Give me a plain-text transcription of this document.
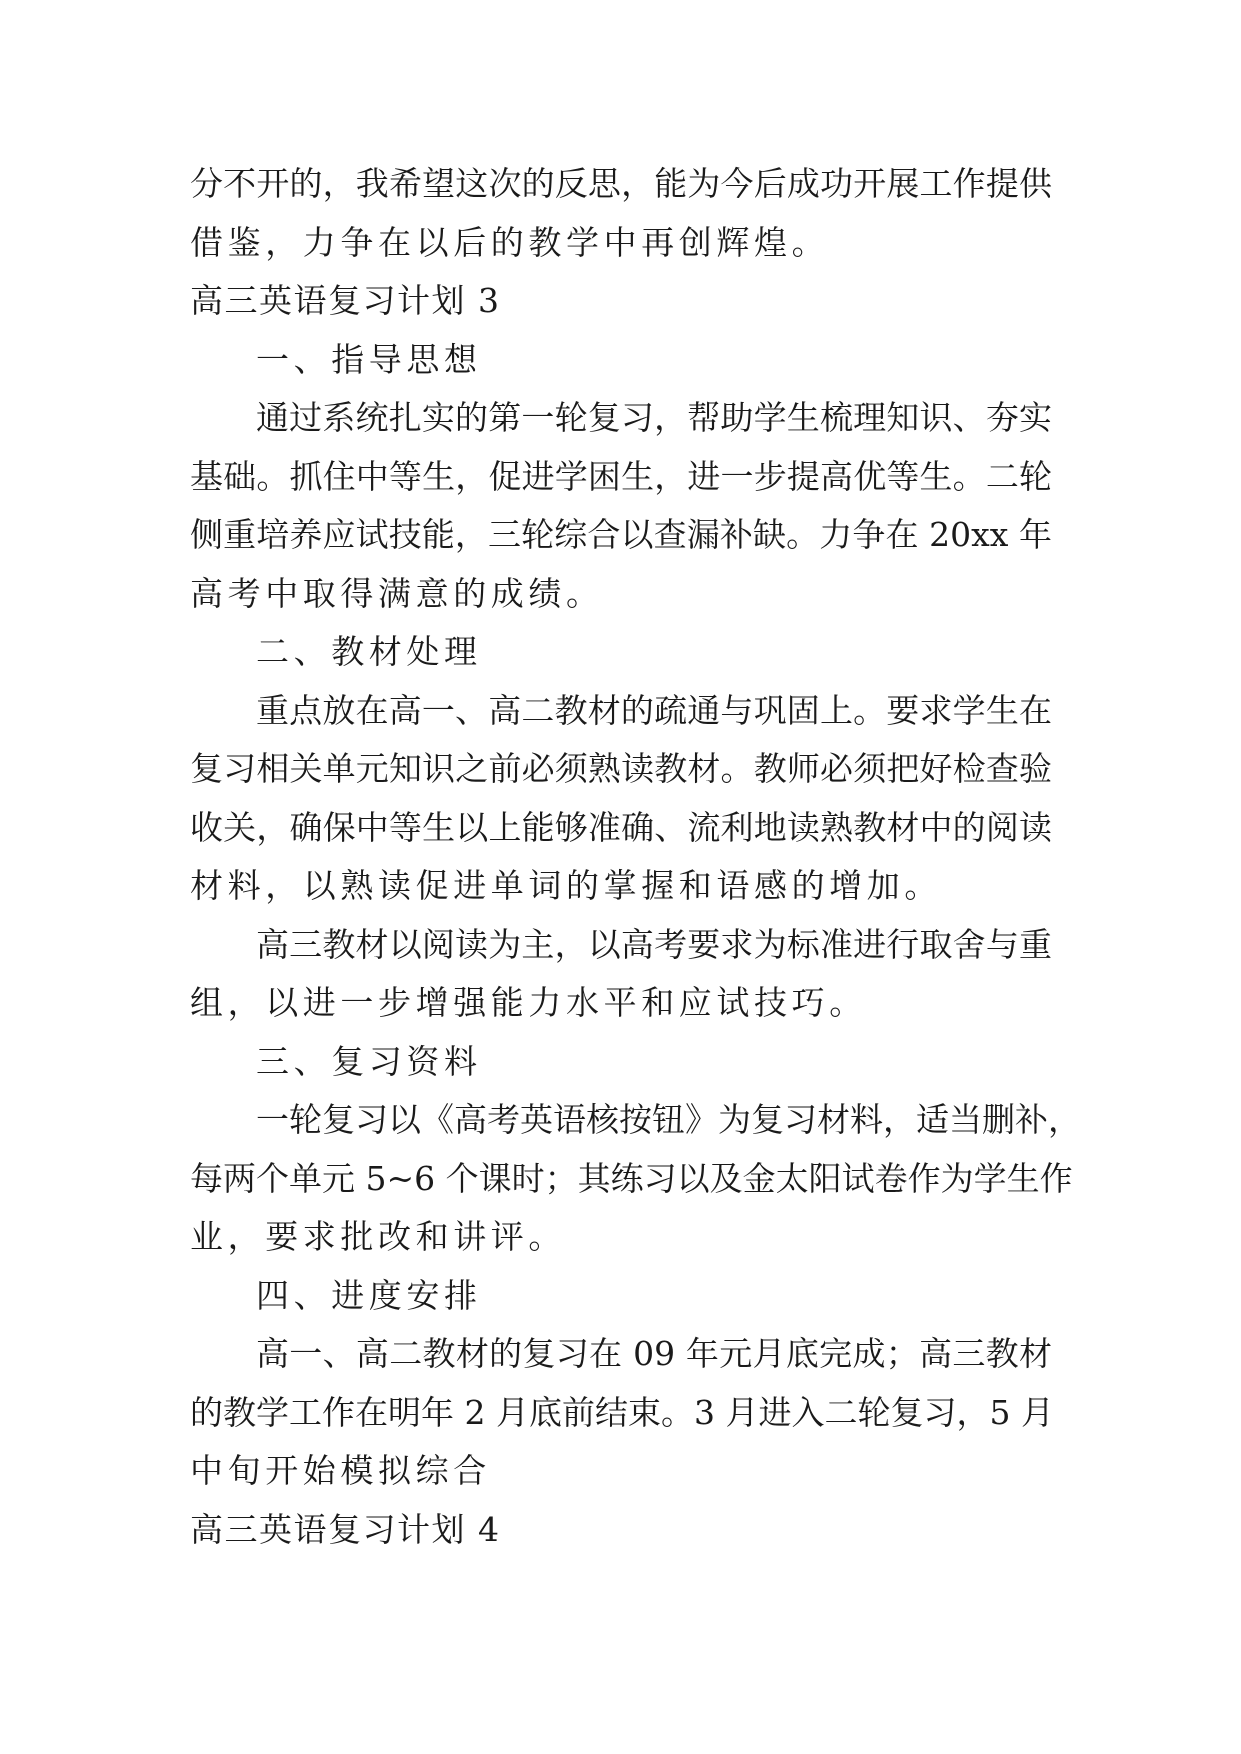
分不开的，我希望这次的反思，能为今后成功开展工作提供
借鉴，力争在以后的教学中再创辉煌。
高三英语复习计划 3
一、指导思想
通过系统扎实的第一轮复习，帮助学生梳理知识、夯实
基础。抓住中等生，促进学困生，进一步提高优等生。二轮
侧重培养应试技能，三轮综合以查漏补缺。力争在 20xx 年
高考中取得满意的成绩。
二、教材处理
重点放在高一、高二教材的疏通与巩固上。要求学生在
复习相关单元知识之前必须熟读教材。教师必须把好检查验
收关，确保中等生以上能够准确、流利地读熟教材中的阅读
材料，以熟读促进单词的掌握和语感的增加。
高三教材以阅读为主，以高考要求为标准进行取舍与重
组，以进一步增强能力水平和应试技巧。
三、复习资料
一轮复习以《高考英语核按钮》为复习材料，适当删补，
每两个单元 5~6 个课时；其练习以及金太阳试卷作为学生作
业，要求批改和讲评。
四、进度安排
高一、高二教材的复习在 09 年元月底完成；高三教材
的教学工作在明年 2 月底前结束。3 月进入二轮复习，5 月
中旬开始模拟综合
高三英语复习计划 4
